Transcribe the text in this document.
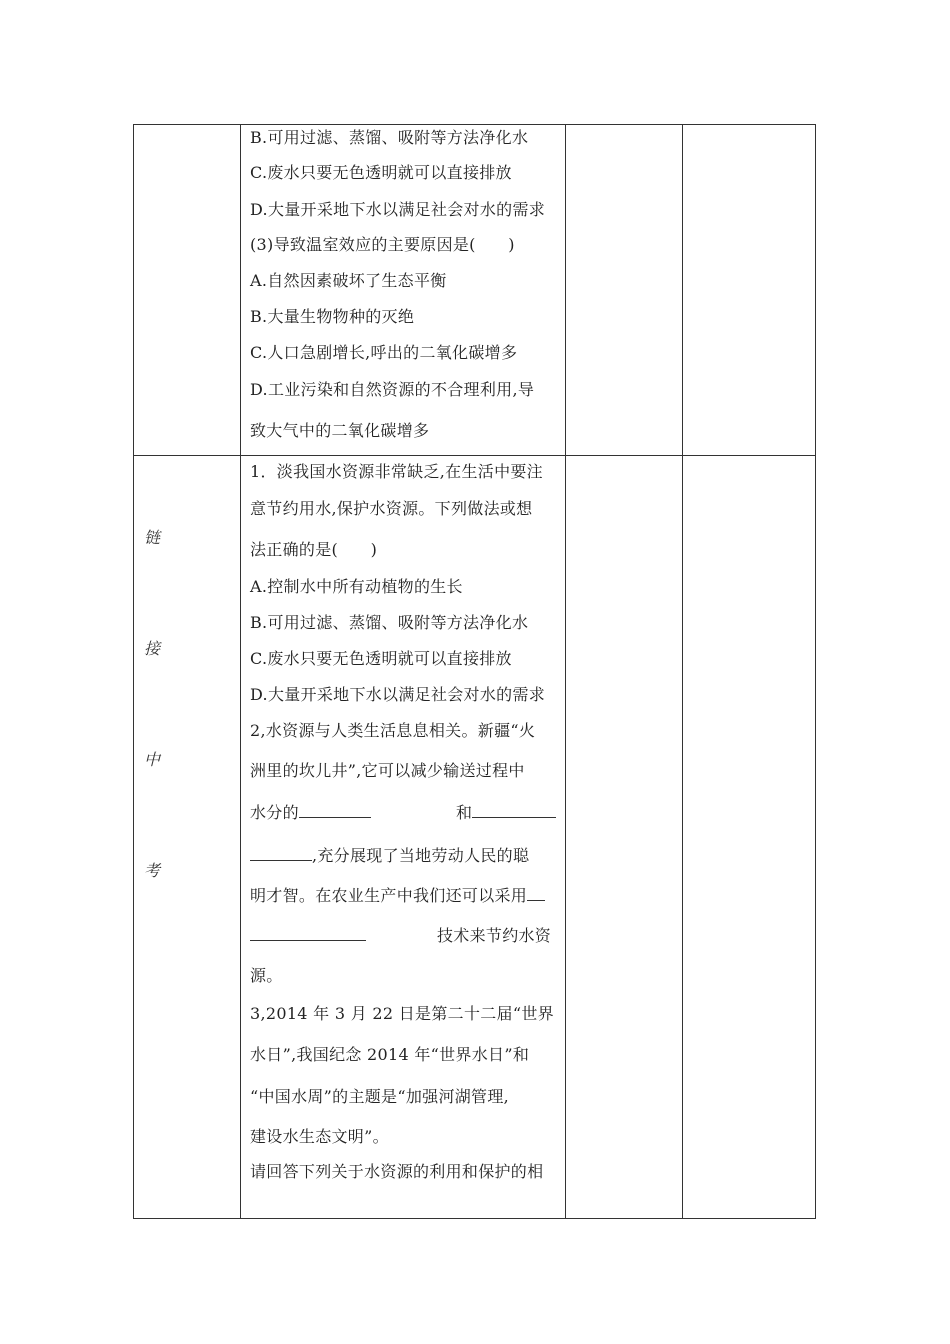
B.可用过滤、蒸馏、吸附等方法净化水
C.废水只要无色透明就可以直接排放
D.大量开采地下水以满足社会对水的需求
(3)导致温室效应的主要原因是(　　)
A.自然因素破坏了生态平衡
B.大量生物物种的灭绝
C.人口急剧增长,呼出的二氧化碳增多
D.工业污染和自然资源的不合理利用,导
致大气中的二氧化碳增多
链
接
中
考
1．淡我国水资源非常缺乏,在生活中要注
意节约用水,保护水资源。下列做法或想
法正确的是(　　)
A.控制水中所有动植物的生长
B.可用过滤、蒸馏、吸附等方法净化水
C.废水只要无色透明就可以直接排放
D.大量开采地下水以满足社会对水的需求
2,水资源与人类生活息息相关。新疆“火
洲里的坎儿井”,它可以减少输送过程中
水分的	和
,充分展现了当地劳动人民的聪
明才智。在农业生产中我们还可以采用
技术来节约水资
源。
3,2014 年 3 月 22 日是第二十二届“世界
水日”,我国纪念 2014 年“世界水日”和
“中国水周”的主题是“加强河湖管理,
建设水生态文明”。
请回答下列关于水资源的利用和保护的相
